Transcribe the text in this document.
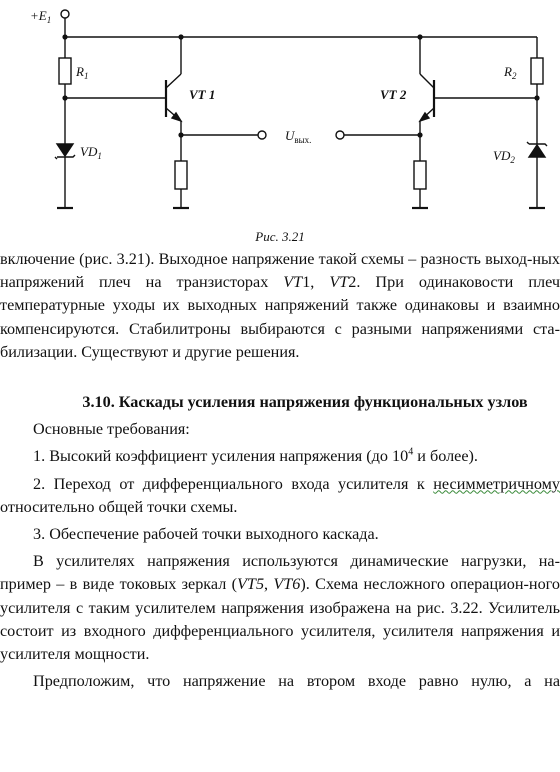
$+E_1$
$R_1$	$R_2$
$VD_1$	$VD_2$
VT 1	VT 2
$U_{вых.}$
Рис. 3.21

включение (рис. 3.21). Выходное напряжение такой схемы – разность выход-ных напряжений плеч на транзисторах VT1, VT2. При одинаковости плеч температурные уходы их выходных напряжений также одинаковы и взаимно компенсируются. Стабилитроны выбираются с разными напряжениями ста-билизации. Существуют и другие решения.

3.10. Каскады усиления напряжения функциональных узлов

Основные требования:

1. Высокий коэффициент усиления напряжения (до $10^4$ и более).

2. Переход от дифференциального входа усилителя к несимметричному относительно общей точки схемы.

3. Обеспечение рабочей точки выходного каскада.

В усилителях напряжения используются динамические нагрузки, на-пример – в виде токовых зеркал (VT5, VT6). Схема несложного операцион-ного усилителя с таким усилителем напряжения изображена на рис. 3.22. Усилитель состоит из входного дифференциального усилителя, усилителя напряжения и усилителя мощности.

Предположим, что напряжение на втором входе равно нулю, а на
